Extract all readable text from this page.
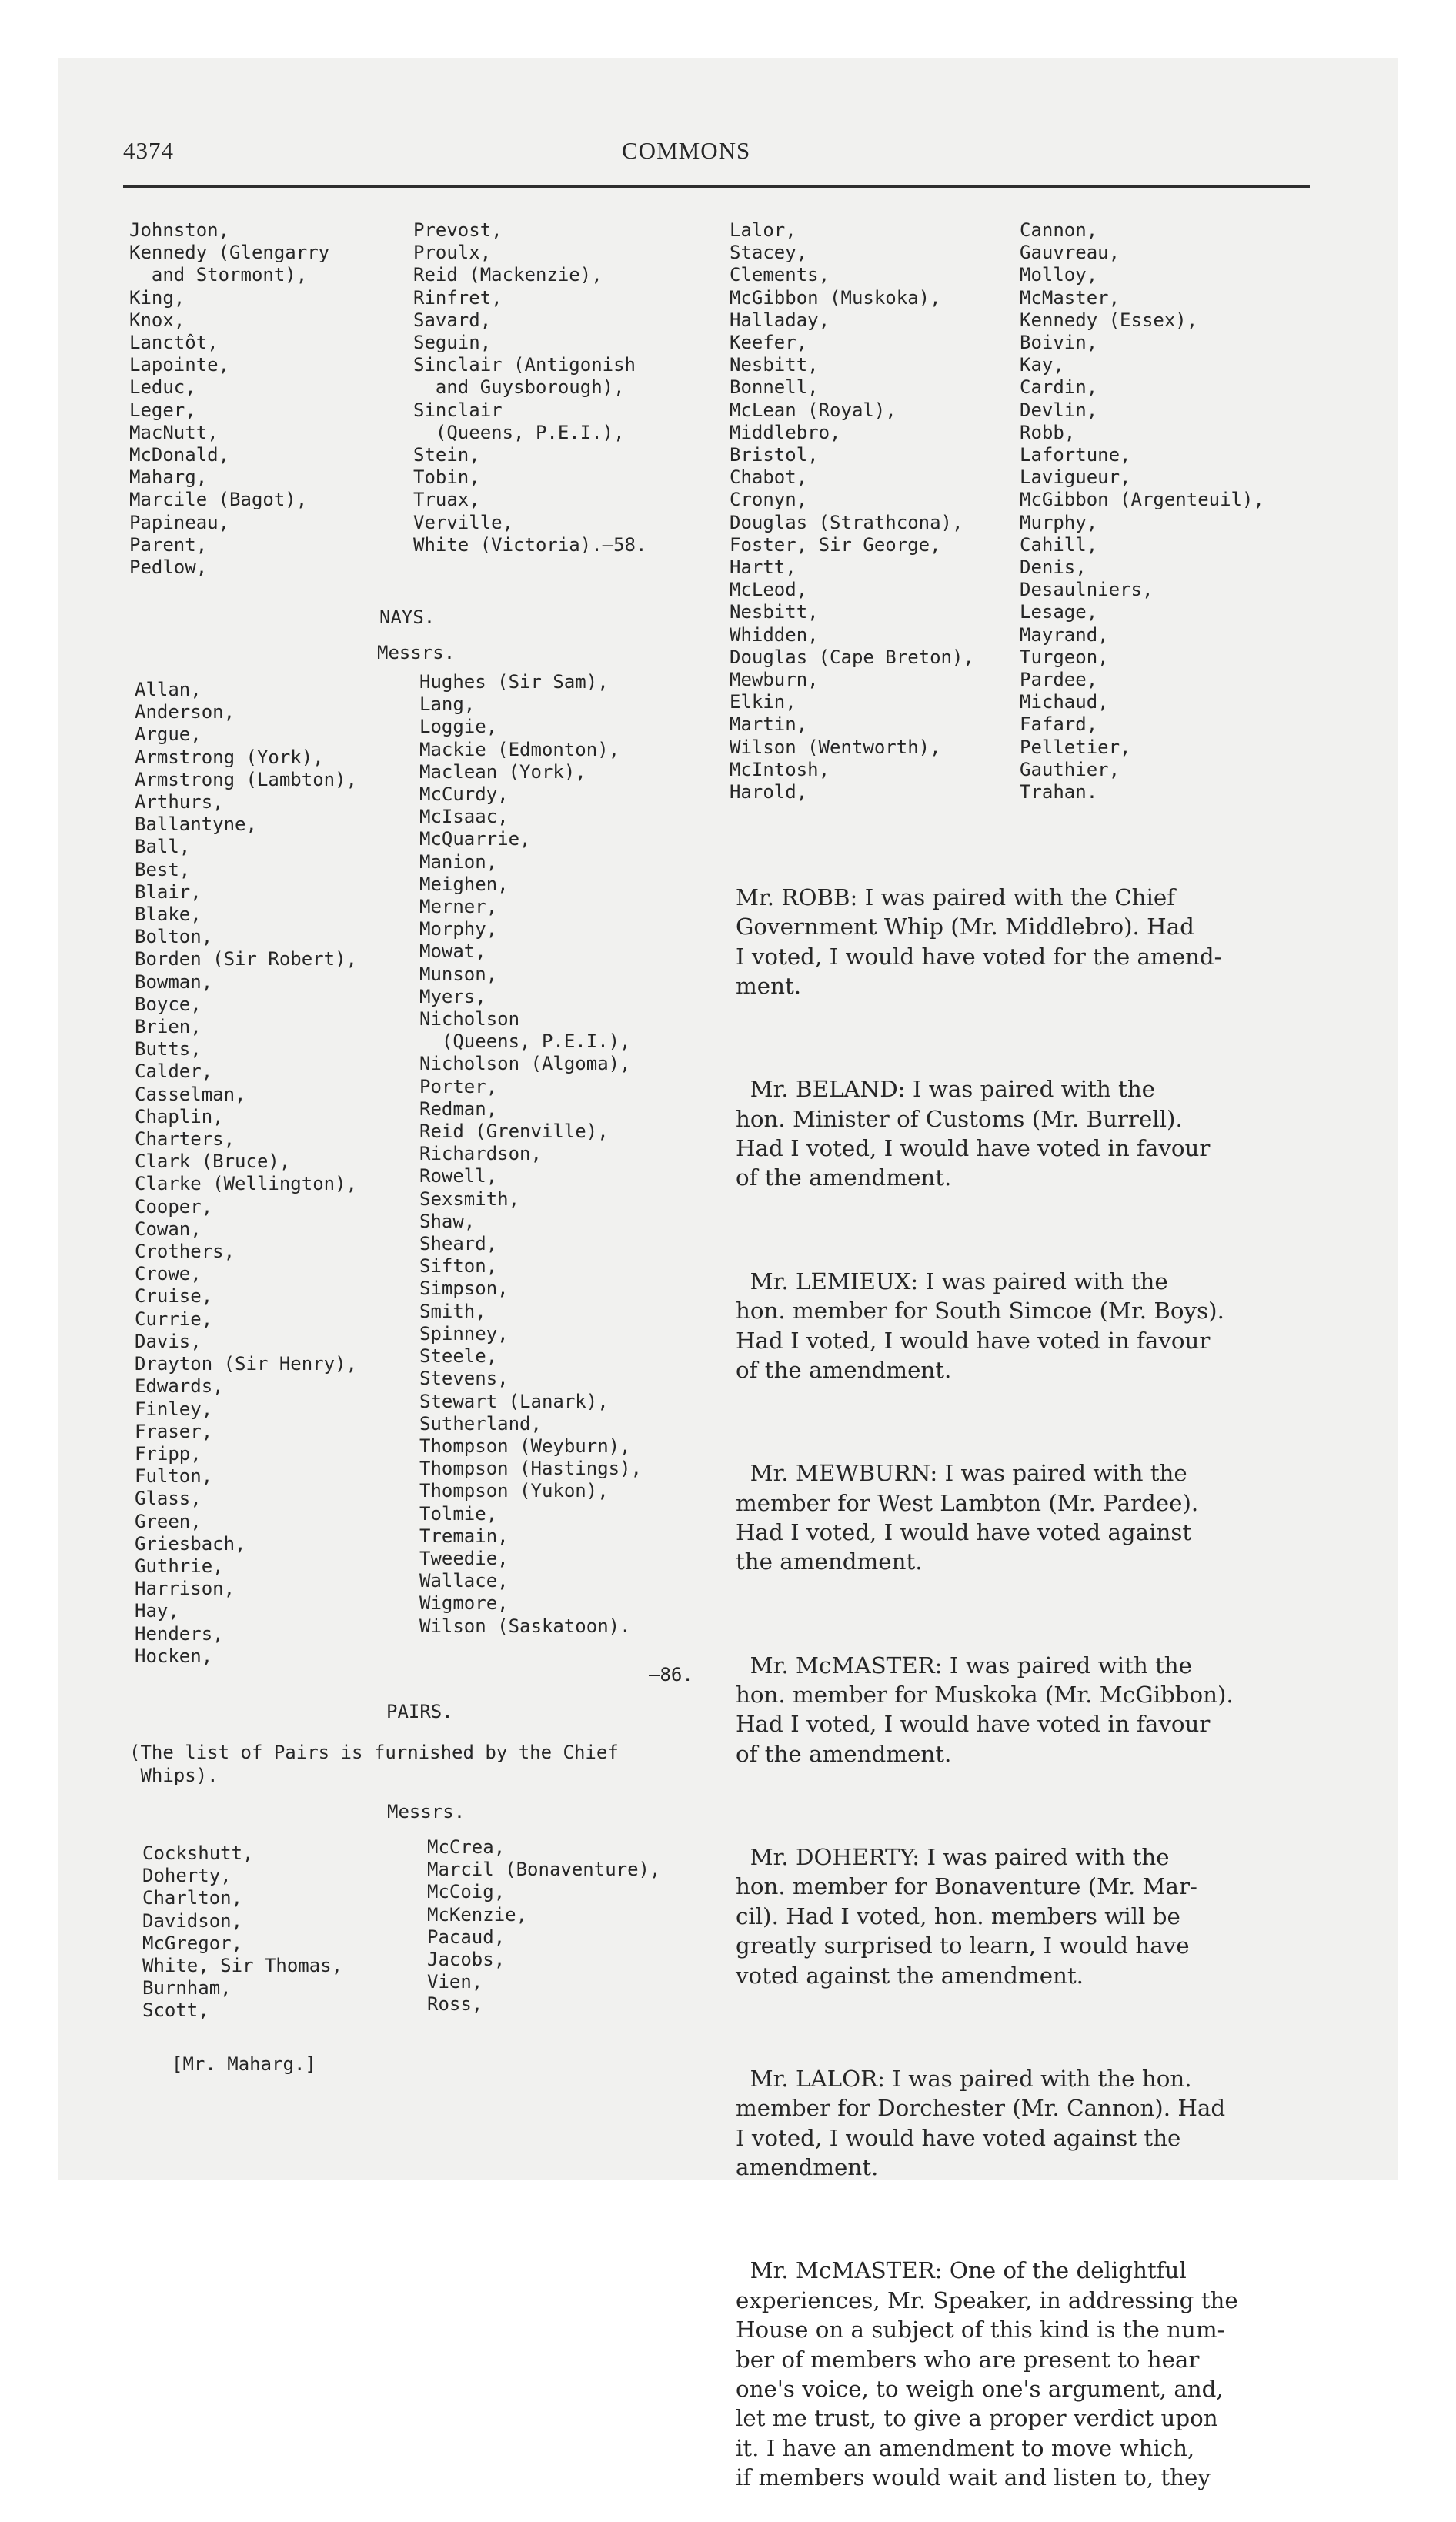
4374	COMMONS
Johnston,
Kennedy (Glengarry
and Stormont),
King,
Knox,
Lanctôt,
Lapointe,
Leduc,
Leger,
MacNutt,
McDonald,
Maharg,
Marcile (Bagot),
Papineau,
Parent,
Pedlow,
Prevost,
Proulx,
Reid (Mackenzie),
Rinfret,
Savard,
Seguin,
Sinclair (Antigonish
and Guysborough),
Sinclair
(Queens, P.E.I.),
Stein,
Tobin,
Truax,
Verville,
White (Victoria).—58.
NAYS.
Messrs.
Allan,
Anderson,
Argue,
Armstrong (York),
Armstrong (Lambton),
Arthurs,
Ballantyne,
Ball,
Best,
Blair,
Blake,
Bolton,
Borden (Sir Robert),
Bowman,
Boyce,
Brien,
Butts,
Calder,
Casselman,
Chaplin,
Charters,
Clark (Bruce),
Clarke (Wellington),
Cooper,
Cowan,
Crothers,
Crowe,
Cruise,
Currie,
Davis,
Drayton (Sir Henry),
Edwards,
Finley,
Fraser,
Fripp,
Fulton,
Glass,
Green,
Griesbach,
Guthrie,
Harrison,
Hay,
Henders,
Hocken,
Hughes (Sir Sam),
Lang,
Loggie,
Mackie (Edmonton),
Maclean (York),
McCurdy,
McIsaac,
McQuarrie,
Manion,
Meighen,
Merner,
Morphy,
Mowat,
Munson,
Myers,
Nicholson
(Queens, P.E.I.),
Nicholson (Algoma),
Porter,
Redman,
Reid (Grenville),
Richardson,
Rowell,
Sexsmith,
Shaw,
Sheard,
Sifton,
Simpson,
Smith,
Spinney,
Steele,
Stevens,
Stewart (Lanark),
Sutherland,
Thompson (Weyburn),
Thompson (Hastings),
Thompson (Yukon),
Tolmie,
Tremain,
Tweedie,
Wallace,
Wigmore,
Wilson (Saskatoon).
—86.
PAIRS.
(The list of Pairs is furnished by the Chief
Whips).
Messrs.
Cockshutt,
Doherty,
Charlton,
Davidson,
McGregor,
White, Sir Thomas,
Burnham,
Scott,
McCrea,
Marcil (Bonaventure),
McCoig,
McKenzie,
Pacaud,
Jacobs,
Vien,
Ross,
Lalor,
Stacey,
Clements,
McGibbon (Muskoka),
Halladay,
Keefer,
Nesbitt,
Bonnell,
McLean (Royal),
Middlebro,
Bristol,
Chabot,
Cronyn,
Douglas (Strathcona),
Foster, Sir George,
Hartt,
McLeod,
Nesbitt,
Whidden,
Douglas (Cape Breton),
Mewburn,
Elkin,
Martin,
Wilson (Wentworth),
McIntosh,
Harold,
Cannon,
Gauvreau,
Molloy,
McMaster,
Kennedy (Essex),
Boivin,
Kay,
Cardin,
Devlin,
Robb,
Lafortune,
Lavigueur,
McGibbon (Argenteuil),
Murphy,
Cahill,
Denis,
Desaulniers,
Lesage,
Mayrand,
Turgeon,
Pardee,
Michaud,
Fafard,
Pelletier,
Gauthier,
Trahan.

Mr. ROBB: I was paired with the Chief
Government Whip (Mr. Middlebro). Had
I voted, I would have voted for the amend-
ment.

Mr. BELAND: I was paired with the
hon. Minister of Customs (Mr. Burrell).
Had I voted, I would have voted in favour
of the amendment.

Mr. LEMIEUX: I was paired with the
hon. member for South Simcoe (Mr. Boys).
Had I voted, I would have voted in favour
of the amendment.

Mr. MEWBURN: I was paired with the
member for West Lambton (Mr. Pardee).
Had I voted, I would have voted against
the amendment.

Mr. McMASTER: I was paired with the
hon. member for Muskoka (Mr. McGibbon).
Had I voted, I would have voted in favour
of the amendment.

Mr. DOHERTY: I was paired with the
hon. member for Bonaventure (Mr. Mar-
cil). Had I voted, hon. members will be
greatly surprised to learn, I would have
voted against the amendment.

Mr. LALOR: I was paired with the hon.
member for Dorchester (Mr. Cannon). Had
I voted, I would have voted against the
amendment.

Mr. McMASTER: One of the delightful
experiences, Mr. Speaker, in addressing the
House on a subject of this kind is the num-
ber of members who are present to hear
one's voice, to weigh one's argument, and,
let me trust, to give a proper verdict upon
it. I have an amendment to move which,
if members would wait and listen to, they

[Mr. Maharg.]
